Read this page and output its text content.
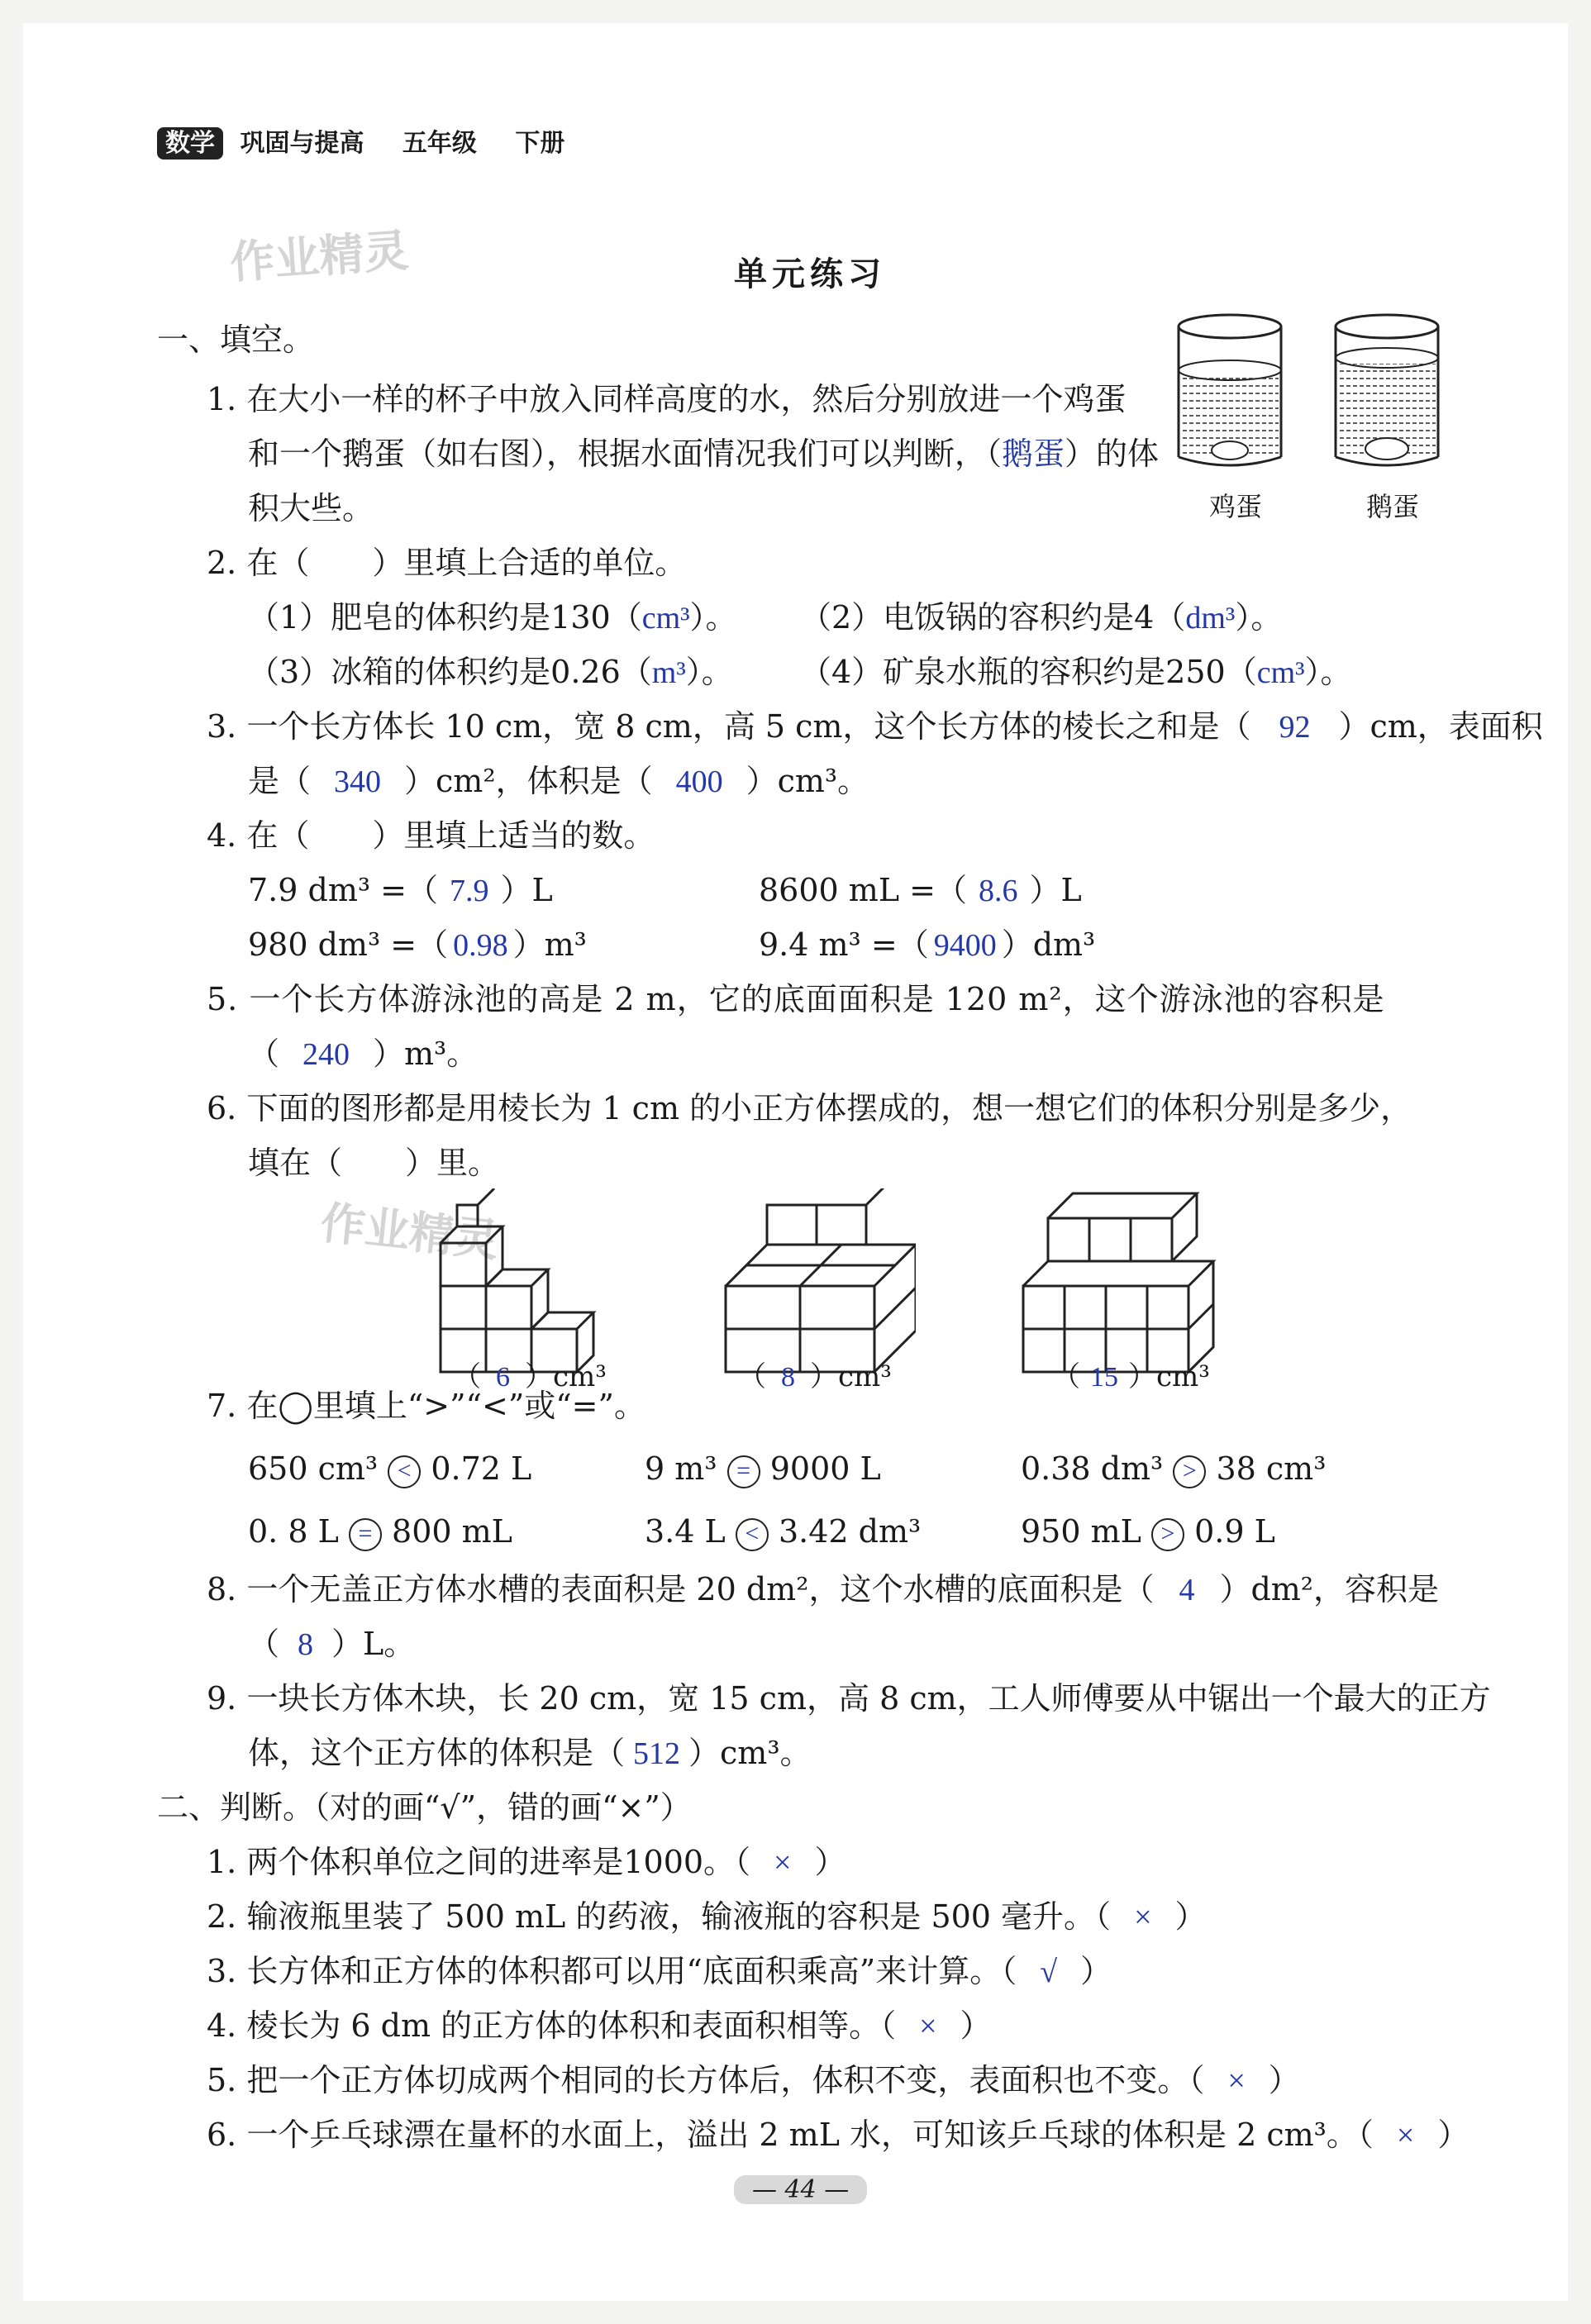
数学 巩固与提高 五年级 下册
作业精灵
作业精灵
单元练习
一、填空。
1. 在大小一样的杯子中放入同样高度的水，然后分别放进一个鸡蛋
和一个鹅蛋（如右图），根据水面情况我们可以判断，（鹅蛋）的体
积大些。	鸡蛋	鹅蛋
2. 在（　　）里填上合适的单位。
（1）肥皂的体积约是130（cm³）。 （2）电饭锅的容积约是4（dm³）。
（3）冰箱的体积约是0.26（m³）。 （4）矿泉水瓶的容积约是250（cm³）。
3. 一个长方体长 10 cm，宽 8 cm，高 5 cm，这个长方体的棱长之和是（ 92 ）cm，表面积
是（ 340 ）cm²，体积是（ 400 ）cm³。
4. 在（　　）里填上适当的数。
7.9 dm³ =（ 7.9 ）L	8600 mL =（ 8.6 ）L
980 dm³ =（ 0.98 ）m³	9.4 m³ =（ 9400 ）dm³
5. 一个长方体游泳池的高是 2 m，它的底面面积是 120 m²，这个游泳池的容积是
（ 240 ）m³。
6. 下面的图形都是用棱长为 1 cm 的小正方体摆成的，想一想它们的体积分别是多少，
填在（　　）里。
（ 6 ）cm³	（ 8 ）cm³	（ 15 ）cm³
7. 在◯里填上“>”“<”或“=”。
650 cm³ < 0.72 L	9 m³ = 9000 L	0.38 dm³ > 38 cm³
0. 8 L = 800 mL	3.4 L < 3.42 dm³	950 mL > 0.9 L
8. 一个无盖正方体水槽的表面积是 20 dm²，这个水槽的底面积是（ 4 ）dm²，容积是
（ 8 ）L。
9. 一块长方体木块，长 20 cm，宽 15 cm，高 8 cm，工人师傅要从中锯出一个最大的正方
体，这个正方体的体积是（ 512 ）cm³。
二、判断。（对的画“√”，错的画“×”）
1. 两个体积单位之间的进率是1000。（ × ）
2. 输液瓶里装了 500 mL 的药液，输液瓶的容积是 500 毫升。（ × ）
3. 长方体和正方体的体积都可以用“底面积乘高”来计算。（ √ ）
4. 棱长为 6 dm 的正方体的体积和表面积相等。（ × ）
5. 把一个正方体切成两个相同的长方体后，体积不变，表面积也不变。（ × ）
6. 一个乒乓球漂在量杯的水面上，溢出 2 mL 水，可知该乒乓球的体积是 2 cm³。（ × ）
— 44 —
